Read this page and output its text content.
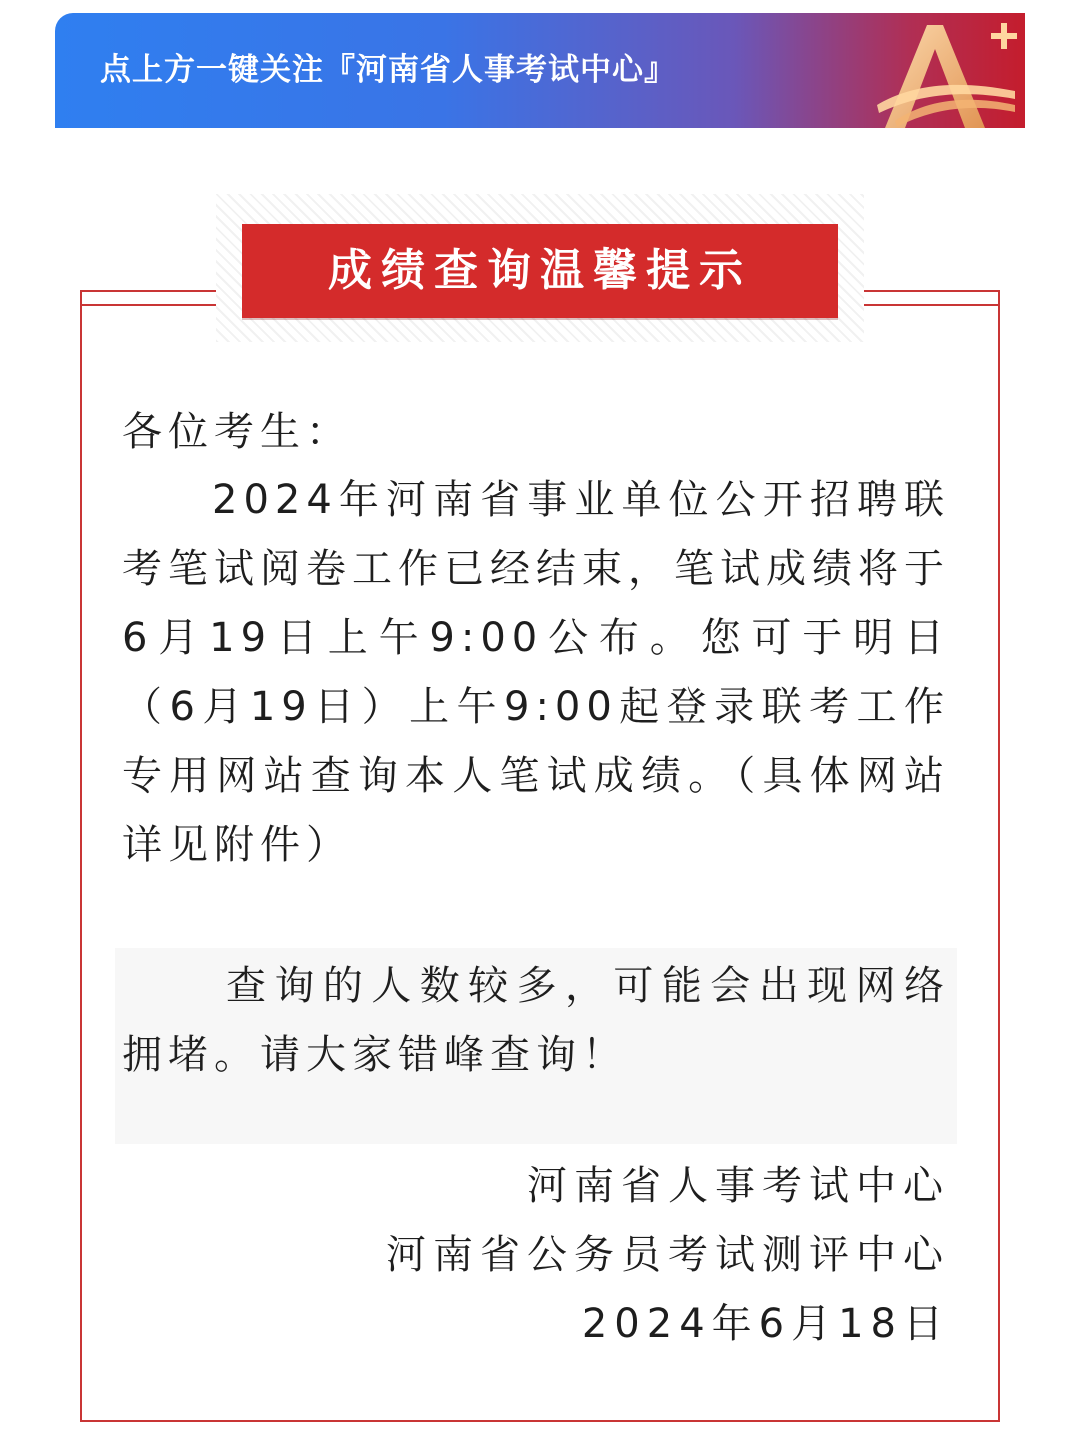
点上方一键关注『河南省人事考试中心』
成绩查询温馨提示

各位考生：

2024年河南省事业单位公开招聘联考笔试阅卷工作已经结束，笔试成绩将于6月19日上午9:00公布。您可于明日（6月19日）上午9:00起登录联考工作专用网站查询本人笔试成绩。（具体网站详见附件）

查询的人数较多，可能会出现网络拥堵。请大家错峰查询！

河南省人事考试中心
河南省公务员考试测评中心
2024年6月18日
